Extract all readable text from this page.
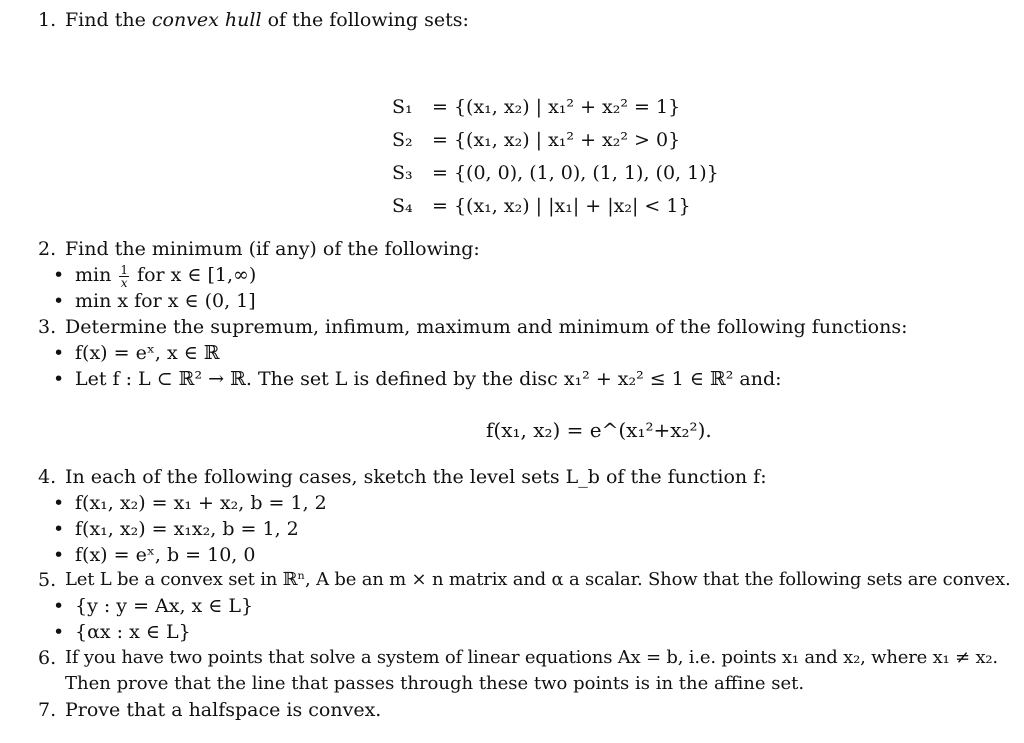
1. Find the convex hull of the following sets:
S₁	= {(x₁, x₂) | x₁² + x₂² = 1}
S₂	= {(x₁, x₂) | x₁² + x₂² > 0}
S₃	= {(0, 0), (1, 0), (1, 1), (0, 1)}
S₄	= {(x₁, x₂) | |x₁| + |x₂| < 1}
2. Find the minimum (if any) of the following:
• $\min \frac{1}{x}$ for x ∈ [1,∞)
• min x for x ∈ (0, 1]
3. Determine the supremum, infimum, maximum and minimum of the following functions:
• f(x) = eˣ, x ∈ ℝ
• Let f : L ⊂ ℝ² → ℝ. The set L is defined by the disc x₁² + x₂² ≤ 1 ∈ ℝ² and:
f(x₁, x₂) = e^(x₁²+x₂²).
4. In each of the following cases, sketch the level sets L_b of the function f:
• f(x₁, x₂) = x₁ + x₂, b = 1, 2
• f(x₁, x₂) = x₁x₂, b = 1, 2
• f(x) = eˣ, b = 10, 0
5. Let L be a convex set in ℝⁿ, A be an m × n matrix and α a scalar. Show that the following sets are convex.
• {y : y = Ax, x ∈ L}
• {αx : x ∈ L}
6. If you have two points that solve a system of linear equations Ax = b, i.e. points x₁ and x₂, where x₁ ≠ x₂.
Then prove that the line that passes through these two points is in the affine set.
7. Prove that a halfspace is convex.
